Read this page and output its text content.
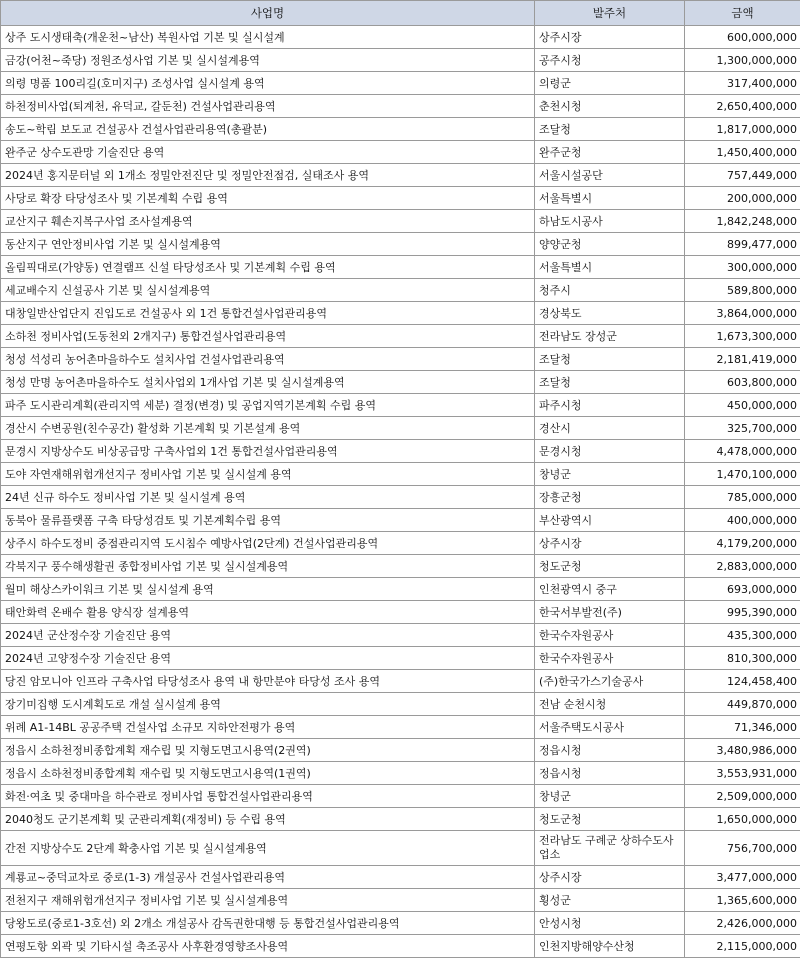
사업명	발주처	금액
상주 도시생태축(개운천~남산) 복원사업 기본 및 실시설계	상주시장	600,000,000
금강(어천~죽당) 정원조성사업 기본 및 실시설계용역	공주시청	1,300,000,000
의령 명품 100리길(호미지구) 조성사업 실시설계 용역	의령군	317,400,000
하천정비사업(퇴계천, 유덕교, 갈둔천) 건설사업관리용역	춘천시청	2,650,400,000
송도~학림 보도교 건설공사 건설사업관리용역(총괄분)	조달청	1,817,000,000
완주군 상수도관망 기술진단 용역	완주군청	1,450,400,000
2024년 홍지문터널 외 1개소 정밀안전진단 및 정밀안전점검, 실태조사 용역	서울시설공단	757,449,000
사당로 확장 타당성조사 및 기본계획 수립 용역	서울특별시	200,000,000
교산지구 훼손지복구사업 조사설계용역	하남도시공사	1,842,248,000
동산지구 연안정비사업 기본 및 실시설계용역	양양군청	899,477,000
올림픽대로(가양동) 연결램프 신설 타당성조사 및 기본계획 수립 용역	서울특별시	300,000,000
세교배수지 신설공사 기본 및 실시설계용역	청주시	589,800,000
대창일반산업단지 진입도로 건설공사 외 1건 통합건설사업관리용역	경상북도	3,864,000,000
소하천 정비사업(도동천외 2개지구) 통합건설사업관리용역	전라남도 장성군	1,673,300,000
청성 석성리 농어촌마을하수도 설치사업 건설사업관리용역	조달청	2,181,419,000
청성 만명 농어촌마을하수도 설치사업외 1개사업 기본 및 실시설계용역	조달청	603,800,000
파주 도시관리계획(관리지역 세분) 결정(변경) 및 공업지역기본계획 수립 용역	파주시청	450,000,000
경산시 수변공원(친수공간) 활성화 기본계획 및 기본설계 용역	경산시	325,700,000
문경시 지방상수도 비상공급망 구축사업외 1건 통합건설사업관리용역	문경시청	4,478,000,000
도야 자연재해위험개선지구 정비사업 기본 및 실시설계 용역	창녕군	1,470,100,000
24년 신규 하수도 정비사업 기본 및 실시설계 용역	장흥군청	785,000,000
동북아 물류플랫폼 구축 타당성검토 및 기본계획수립 용역	부산광역시	400,000,000
상주시 하수도정비 중점관리지역 도시침수 예방사업(2단계) 건설사업관리용역	상주시장	4,179,200,000
각북지구 풍수해생활권 종합정비사업 기본 및 실시설계용역	청도군청	2,883,000,000
월미 해상스카이워크 기본 및 실시설계 용역	인천광역시 중구	693,000,000
태안화력 온배수 활용 양식장 설계용역	한국서부발전(주)	995,390,000
2024년 군산정수장 기술진단 용역	한국수자원공사	435,300,000
2024년 고양정수장 기술진단 용역	한국수자원공사	810,300,000
당진 암모니아 인프라 구축사업 타당성조사 용역 내 항만분야 타당성 조사 용역	(주)한국가스기술공사	124,458,400
장기미집행 도시계획도로 개설 실시설계 용역	전남 순천시청	449,870,000
위례 A1-14BL 공공주택 건설사업 소규모 지하안전평가 용역	서울주택도시공사	71,346,000
정읍시 소하천정비종합계획 재수립 및 지형도면고시용역(2권역)	정읍시청	3,480,986,000
정읍시 소하천정비종합계획 재수립 및 지형도면고시용역(1권역)	정읍시청	3,553,931,000
화전·여초 및 중대마을 하수관로 정비사업 통합건설사업관리용역	창녕군	2,509,000,000
2040청도 군기본계획 및 군관리계획(재정비) 등 수립 용역	청도군청	1,650,000,000
간전 지방상수도 2단계 확충사업 기본 및 실시설계용역	전라남도 구례군 상하수도사업소	756,700,000
계룡교~중덕교차로 중로(1-3) 개설공사 건설사업관리용역	상주시장	3,477,000,000
전천지구 재해위험개선지구 정비사업 기본 및 실시설계용역	횡성군	1,365,600,000
당왕도로(중로1-3호선) 외 2개소 개설공사 감독권한대행 등 통합건설사업관리용역	안성시청	2,426,000,000
연평도항 외곽 및 기타시설 축조공사 사후환경영향조사용역	인천지방해양수산청	2,115,000,000
